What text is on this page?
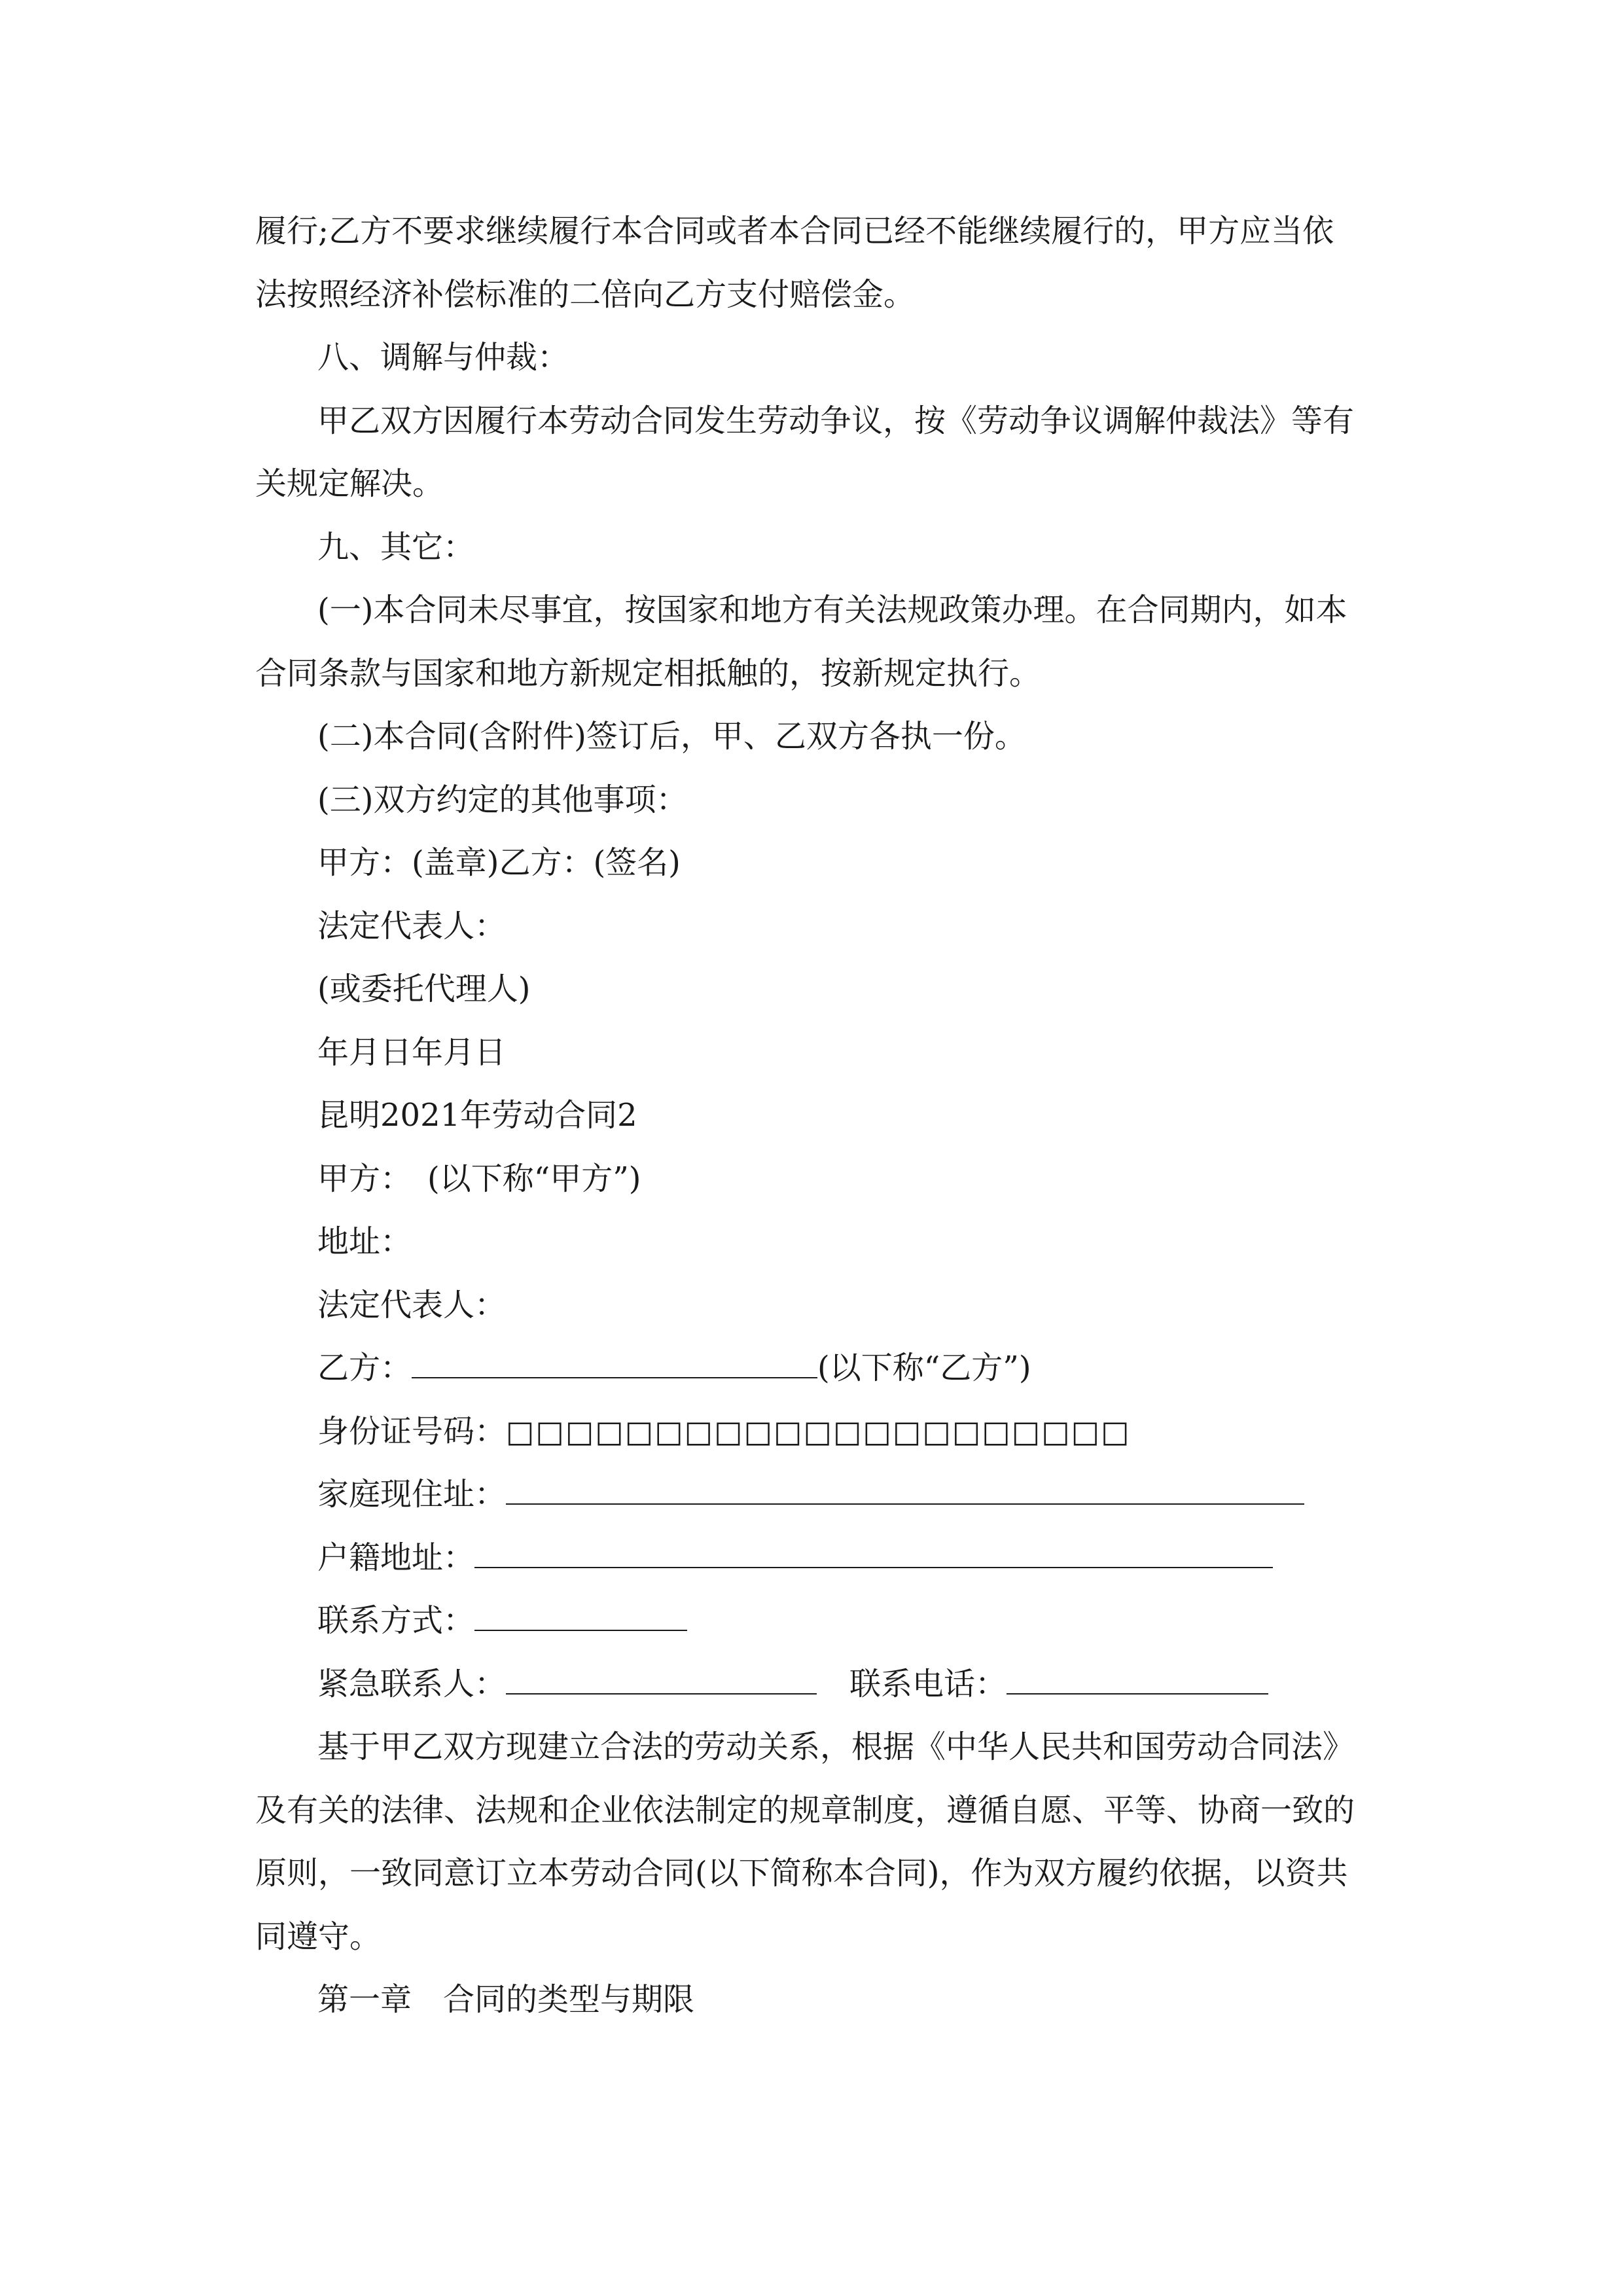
履行;乙方不要求继续履行本合同或者本合同已经不能继续履行的，甲方应当依
法按照经济补偿标准的二倍向乙方支付赔偿金。
八、调解与仲裁：
甲乙双方因履行本劳动合同发生劳动争议，按《劳动争议调解仲裁法》等有
关规定解决。
九、其它：
(一)本合同未尽事宜，按国家和地方有关法规政策办理。在合同期内，如本
合同条款与国家和地方新规定相抵触的，按新规定执行。
(二)本合同(含附件)签订后，甲、乙双方各执一份。
(三)双方约定的其他事项：
甲方：(盖章)乙方：(签名)
法定代表人：
(或委托代理人)
年月日年月日
昆明2021年劳动合同2
甲方：　(以下称“甲方”)
地址：
法定代表人：
乙方：	(以下称“乙方”)
身份证号码：□□□□□□□□□□□□□□□□□□□□□
家庭现住址：
户籍地址：
联系方式：
紧急联系人：	联系电话：
基于甲乙双方现建立合法的劳动关系，根据《中华人民共和国劳动合同法》
及有关的法律、法规和企业依法制定的规章制度，遵循自愿、平等、协商一致的
原则，一致同意订立本劳动合同(以下简称本合同)，作为双方履约依据，以资共
同遵守。
第一章　合同的类型与期限
